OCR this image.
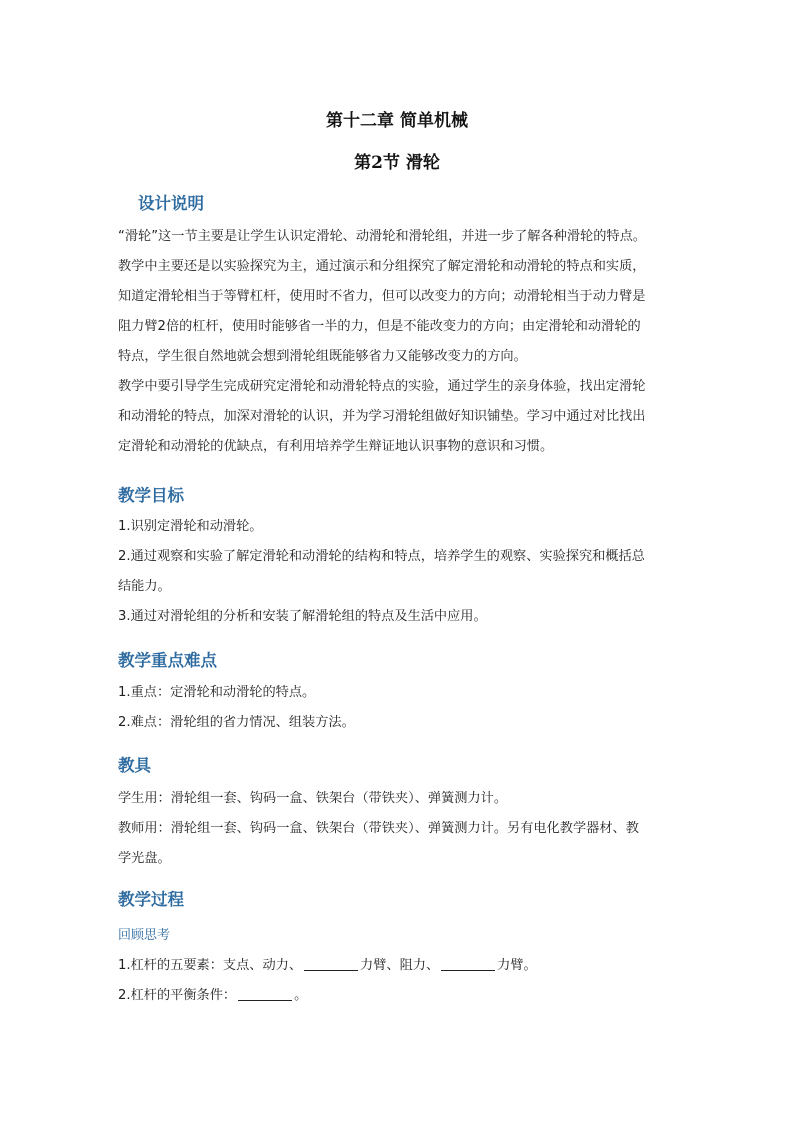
第十二章 简单机械
第2节 滑轮
设计说明
“滑轮”这一节主要是让学生认识定滑轮、动滑轮和滑轮组，并进一步了解各种滑轮的特点。
教学中主要还是以实验探究为主，通过演示和分组探究了解定滑轮和动滑轮的特点和实质，
知道定滑轮相当于等臂杠杆，使用时不省力，但可以改变力的方向；动滑轮相当于动力臂是
阻力臂2倍的杠杆，使用时能够省一半的力，但是不能改变力的方向；由定滑轮和动滑轮的
特点，学生很自然地就会想到滑轮组既能够省力又能够改变力的方向。
教学中要引导学生完成研究定滑轮和动滑轮特点的实验，通过学生的亲身体验，找出定滑轮
和动滑轮的特点，加深对滑轮的认识，并为学习滑轮组做好知识铺垫。学习中通过对比找出
定滑轮和动滑轮的优缺点，有利用培养学生辩证地认识事物的意识和习惯。
教学目标
1.识别定滑轮和动滑轮。
2.通过观察和实验了解定滑轮和动滑轮的结构和特点，培养学生的观察、实验探究和概括总
结能力。
3.通过对滑轮组的分析和安装了解滑轮组的特点及生活中应用。
教学重点难点
1.重点：定滑轮和动滑轮的特点。
2.难点：滑轮组的省力情况、组装方法。
教具
学生用：滑轮组一套、钩码一盒、铁架台（带铁夹）、弹簧测力计。
教师用：滑轮组一套、钩码一盒、铁架台（带铁夹）、弹簧测力计。另有电化教学器材、教
学光盘。
教学过程
回顾思考
1.杠杆的五要素：支点、动力、	力臂、阻力、	力臂。
2.杠杆的平衡条件：	。
